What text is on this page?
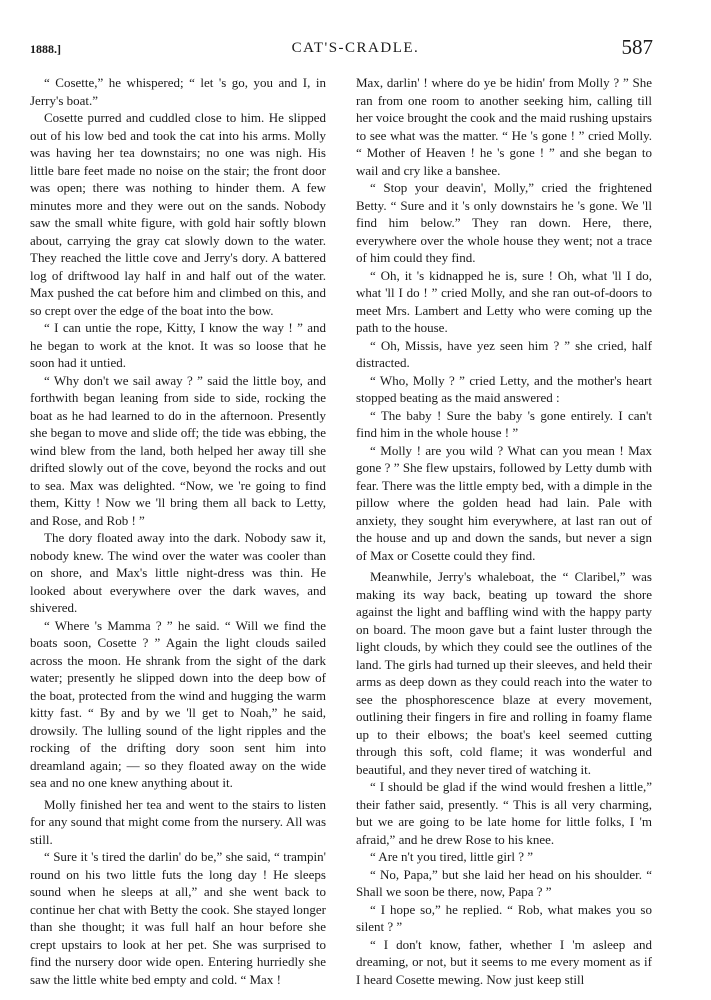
1888.]	CAT'S-CRADLE.	587

“ Cosette,” he whispered; “ let 's go, you and I, in Jerry's boat.”

Cosette purred and cuddled close to him. He slipped out of his low bed and took the cat into his arms. Molly was having her tea downstairs; no one was nigh. His little bare feet made no noise on the stair; the front door was open; there was nothing to hinder them. A few minutes more and they were out on the sands. Nobody saw the small white figure, with gold hair softly blown about, carrying the gray cat slowly down to the water. They reached the little cove and Jerry's dory. A battered log of driftwood lay half in and half out of the water. Max pushed the cat before him and climbed on this, and so crept over the edge of the boat into the bow.

“ I can untie the rope, Kitty, I know the way ! ” and he began to work at the knot. It was so loose that he soon had it untied.

“ Why don't we sail away ? ” said the little boy, and forthwith began leaning from side to side, rocking the boat as he had learned to do in the afternoon. Presently she began to move and slide off; the tide was ebbing, the wind blew from the land, both helped her away till she drifted slowly out of the cove, beyond the rocks and out to sea. Max was delighted. “Now, we 're going to find them, Kitty ! Now we 'll bring them all back to Letty, and Rose, and Rob ! ”

The dory floated away into the dark. Nobody saw it, nobody knew. The wind over the water was cooler than on shore, and Max's little night-dress was thin. He looked about everywhere over the dark waves, and shivered.

“ Where 's Mamma ? ” he said. “ Will we find the boats soon, Cosette ? ” Again the light clouds sailed across the moon. He shrank from the sight of the dark water; presently he slipped down into the deep bow of the boat, protected from the wind and hugging the warm kitty fast. “ By and by we 'll get to Noah,” he said, drowsily. The lulling sound of the light ripples and the rocking of the drifting dory soon sent him into dreamland again; — so they floated away on the wide sea and no one knew anything about it.

Molly finished her tea and went to the stairs to listen for any sound that might come from the nursery. All was still.

“ Sure it 's tired the darlin' do be,” she said, “ trampin' round on his two little futs the long day ! He sleeps sound when he sleeps at all,” and she went back to continue her chat with Betty the cook. She stayed longer than she thought; it was full half an hour before she crept upstairs to look at her pet. She was surprised to find the nursery door wide open. Entering hurriedly she saw the little white bed empty and cold. “ Max !

Max, darlin' ! where do ye be hidin' from Molly ? ” She ran from one room to another seeking him, calling till her voice brought the cook and the maid rushing upstairs to see what was the matter. “ He 's gone ! ” cried Molly. “ Mother of Heaven ! he 's gone ! ” and she began to wail and cry like a banshee.

“ Stop your deavin', Molly,” cried the frightened Betty. “ Sure and it 's only downstairs he 's gone. We 'll find him below.” They ran down. Here, there, everywhere over the whole house they went; not a trace of him could they find.

“ Oh, it 's kidnapped he is, sure ! Oh, what 'll I do, what 'll I do ! ” cried Molly, and she ran out-of-doors to meet Mrs. Lambert and Letty who were coming up the path to the house.

“ Oh, Missis, have yez seen him ? ” she cried, half distracted.

“ Who, Molly ? ” cried Letty, and the mother's heart stopped beating as the maid answered :

“ The baby ! Sure the baby 's gone entirely. I can't find him in the whole house ! ”

“ Molly ! are you wild ? What can you mean ! Max gone ? ” She flew upstairs, followed by Letty dumb with fear. There was the little empty bed, with a dimple in the pillow where the golden head had lain. Pale with anxiety, they sought him everywhere, at last ran out of the house and up and down the sands, but never a sign of Max or Cosette could they find.

Meanwhile, Jerry's whaleboat, the “ Claribel,” was making its way back, beating up toward the shore against the light and baffling wind with the happy party on board. The moon gave but a faint luster through the light clouds, by which they could see the outlines of the land. The girls had turned up their sleeves, and held their arms as deep down as they could reach into the water to see the phosphorescence blaze at every movement, outlining their fingers in fire and rolling in foamy flame up to their elbows; the boat's keel seemed cutting through this soft, cold flame; it was wonderful and beautiful, and they never tired of watching it.

“ I should be glad if the wind would freshen a little,” their father said, presently. “ This is all very charming, but we are going to be late home for little folks, I 'm afraid,” and he drew Rose to his knee.

“ Are n't you tired, little girl ? ”

“ No, Papa,” but she laid her head on his shoulder. “ Shall we soon be there, now, Papa ? ”

“ I hope so,” he replied. “ Rob, what makes you so silent ? ”

“ I don't know, father, whether I 'm asleep and dreaming, or not, but it seems to me every moment as if I heard Cosette mewing. Now just keep still
